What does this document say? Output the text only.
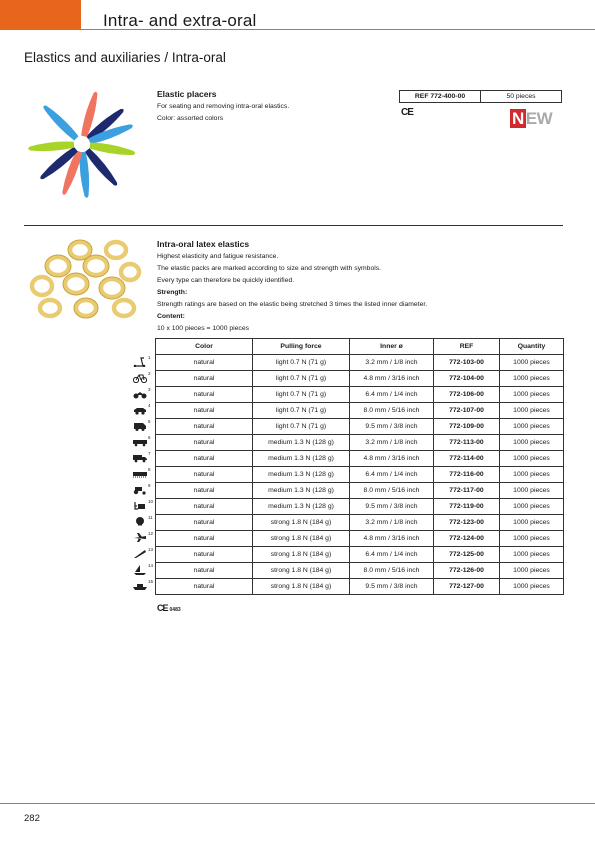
Intra- and extra-oral
Elastics and auxiliaries / Intra-oral
Elastic placers
For seating and removing intra-oral elastics.
Color: assorted colors
REF 772-400-00	50 pieces
CE	N EW
Intra-oral latex elastics
Highest elasticity and fatigue resistance.
The elastic packs are marked according to size and strength with symbols.
Every type can therefore be quickly identified.
Strength:
Strength ratings are based on the elastic being stretched 3 times the listed inner diameter.
Content:
10 x 100 pieces = 1000 pieces
1
2
3
4
5
6
7
8
9
10
11
12
13
14
15
Color	Pulling force	Inner ø	REF	Quantity
natural	light 0.7 N (71 g)	3.2 mm / 1/8 inch	772-103-00	1000 pieces
natural	light 0.7 N (71 g)	4.8 mm / 3/16 inch	772-104-00	1000 pieces
natural	light 0.7 N (71 g)	6.4 mm / 1/4 inch	772-106-00	1000 pieces
natural	light 0.7 N (71 g)	8.0 mm / 5/16 inch	772-107-00	1000 pieces
natural	light 0.7 N (71 g)	9.5 mm / 3/8 inch	772-109-00	1000 pieces
natural	medium 1.3 N (128 g)	3.2 mm / 1/8 inch	772-113-00	1000 pieces
natural	medium 1.3 N (128 g)	4.8 mm / 3/16 inch	772-114-00	1000 pieces
natural	medium 1.3 N (128 g)	6.4 mm / 1/4 inch	772-116-00	1000 pieces
natural	medium 1.3 N (128 g)	8.0 mm / 5/16 inch	772-117-00	1000 pieces
natural	medium 1.3 N (128 g)	9.5 mm / 3/8 inch	772-119-00	1000 pieces
natural	strong 1.8 N (184 g)	3.2 mm / 1/8 inch	772-123-00	1000 pieces
natural	strong 1.8 N (184 g)	4.8 mm / 3/16 inch	772-124-00	1000 pieces
natural	strong 1.8 N (184 g)	6.4 mm / 1/4 inch	772-125-00	1000 pieces
natural	strong 1.8 N (184 g)	8.0 mm / 5/16 inch	772-126-00	1000 pieces
natural	strong 1.8 N (184 g)	9.5 mm / 3/8 inch	772-127-00	1000 pieces
CE 0483
282
